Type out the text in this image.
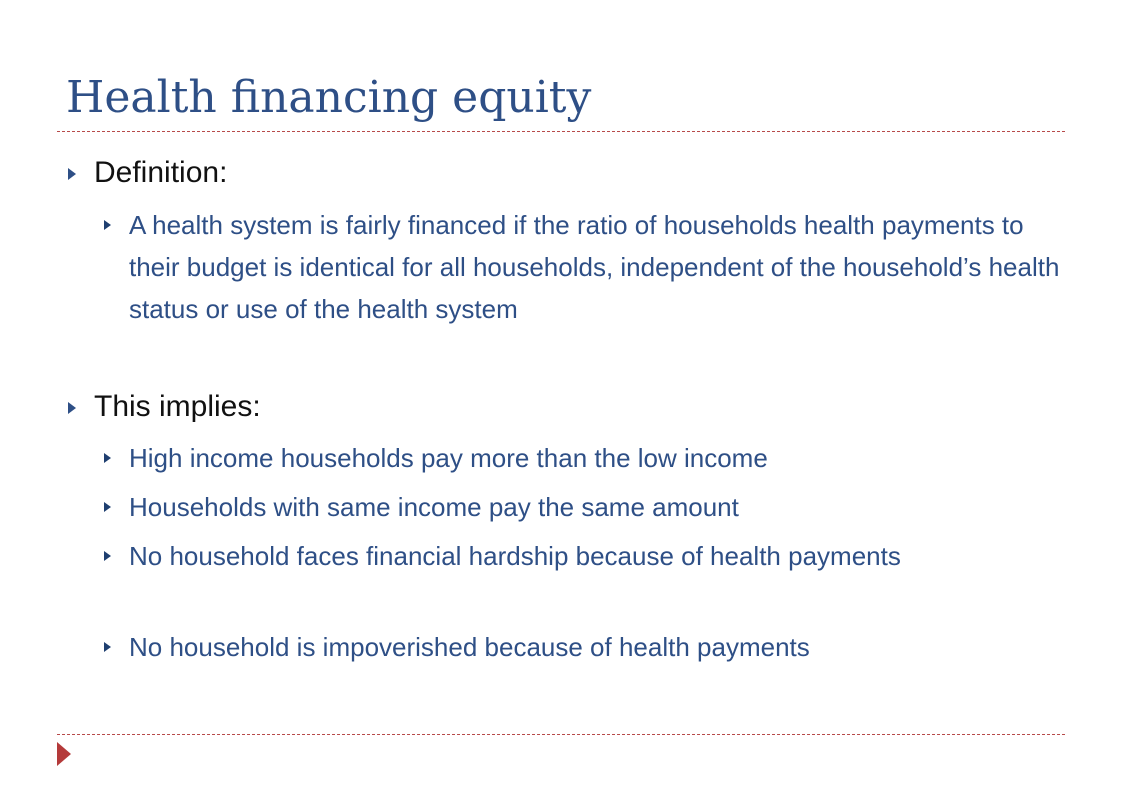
Health financing equity
Definition:
A health system is fairly financed if the ratio of households health payments to their budget is identical for all households, independent of the household’s health status or use of the health system
This implies:
High income households pay more than the low income
Households with same income pay the same amount
No household faces financial hardship because of health payments
No household is impoverished because of health payments
